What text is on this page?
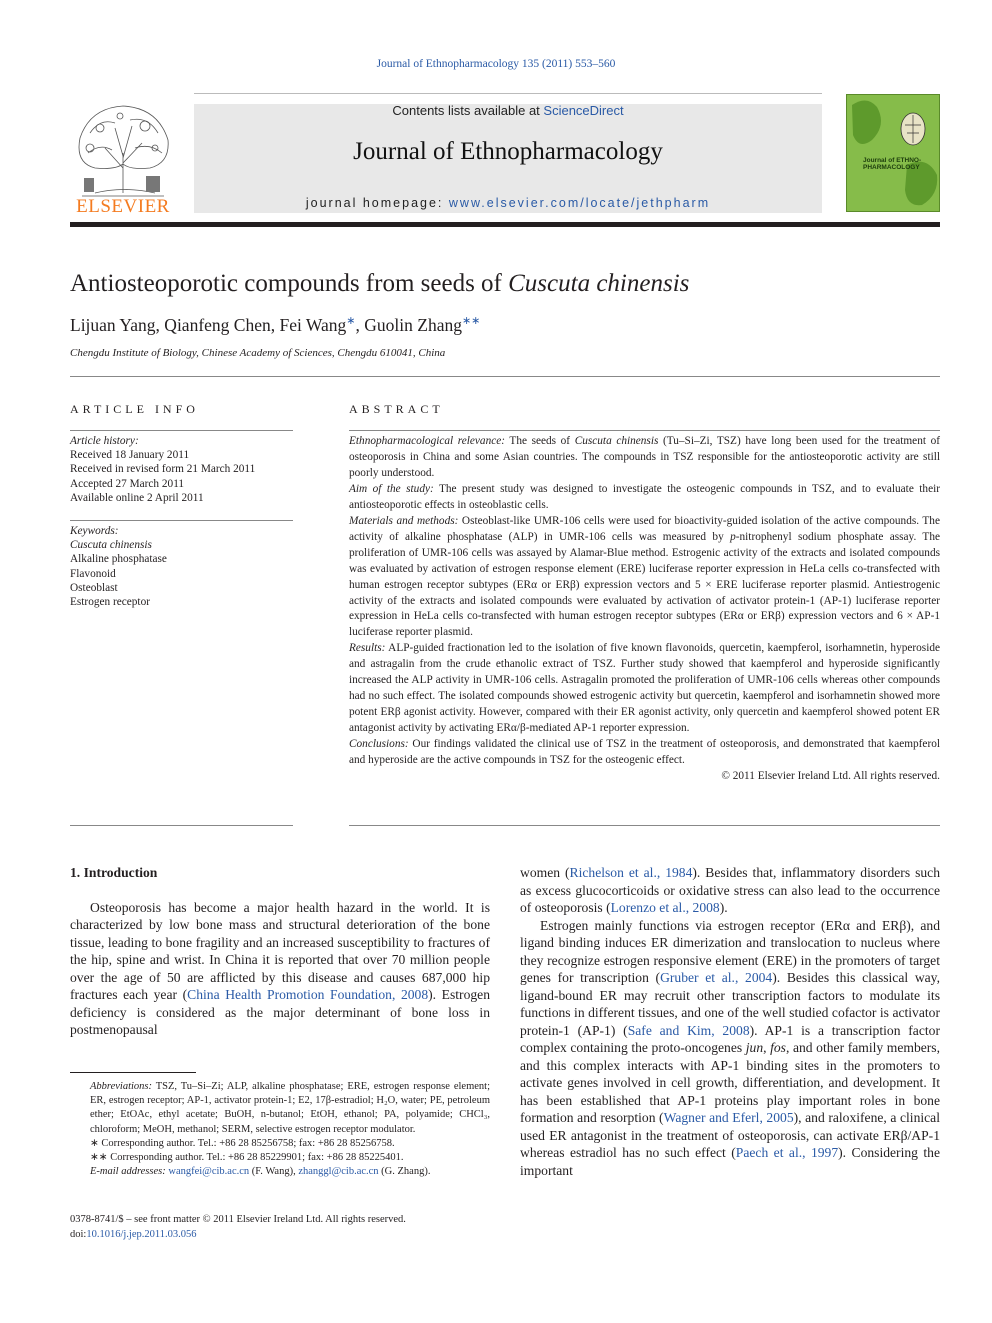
Journal of Ethnopharmacology 135 (2011) 553–560
ELSEVIER
Contents lists available at ScienceDirect
Journal of Ethnopharmacology
journal homepage: www.elsevier.com/locate/jethpharm
Journal of ETHNO-PHARMACOLOGY
Antiosteoporotic compounds from seeds of Cuscuta chinensis
Lijuan Yang, Qianfeng Chen, Fei Wang∗, Guolin Zhang∗∗
Chengdu Institute of Biology, Chinese Academy of Sciences, Chengdu 610041, China
ARTICLE INFO	ABSTRACT
Article history:
Received 18 January 2011
Received in revised form 21 March 2011
Accepted 27 March 2011
Available online 2 April 2011
Keywords:
Cuscuta chinensis
Alkaline phosphatase
Flavonoid
Osteoblast
Estrogen receptor

Ethnopharmacological relevance: The seeds of Cuscuta chinensis (Tu–Si–Zi, TSZ) have long been used for the treatment of osteoporosis in China and some Asian countries. The compounds in TSZ responsible for the antiosteoporotic activity are still poorly understood.

Aim of the study: The present study was designed to investigate the osteogenic compounds in TSZ, and to evaluate their antiosteoporotic effects in osteoblastic cells.

Materials and methods: Osteoblast-like UMR-106 cells were used for bioactivity-guided isolation of the active compounds. The activity of alkaline phosphatase (ALP) in UMR-106 cells was measured by p-nitrophenyl sodium phosphate assay. The proliferation of UMR-106 cells was assayed by Alamar-Blue method. Estrogenic activity of the extracts and isolated compounds was evaluated by activation of estrogen response element (ERE) luciferase reporter expression in HeLa cells co-transfected with human estrogen receptor subtypes (ERα or ERβ) expression vectors and 5 × ERE luciferase reporter plasmid. Antiestrogenic activity of the extracts and isolated compounds were evaluated by activation of activator protein-1 (AP-1) luciferase reporter expression in HeLa cells co-transfected with human estrogen receptor subtypes (ERα or ERβ) expression vectors and 6 × AP-1 luciferase reporter plasmid.

Results: ALP-guided fractionation led to the isolation of five known flavonoids, quercetin, kaempferol, isorhamnetin, hyperoside and astragalin from the crude ethanolic extract of TSZ. Further study showed that kaempferol and hyperoside significantly increased the ALP activity in UMR-106 cells. Astragalin promoted the proliferation of UMR-106 cells whereas other compounds had no such effect. The isolated compounds showed estrogenic activity but quercetin, kaempferol and isorhamnetin showed more potent ERβ agonist activity. However, compared with their ER agonist activity, only quercetin and kaempferol showed potent ER antagonist activity by activating ERα/β-mediated AP-1 reporter expression.

Conclusions: Our findings validated the clinical use of TSZ in the treatment of osteoporosis, and demonstrated that kaempferol and hyperoside are the active compounds in TSZ for the osteogenic effect.

© 2011 Elsevier Ireland Ltd. All rights reserved.

1. Introduction

Osteoporosis has become a major health hazard in the world. It is characterized by low bone mass and structural deterioration of the bone tissue, leading to bone fragility and an increased susceptibility to fractures of the hip, spine and wrist. In China it is reported that over 70 million people over the age of 50 are afflicted by this disease and causes 687,000 hip fractures each year (China Health Promotion Foundation, 2008). Estrogen deficiency is considered as the major determinant of bone loss in postmenopausal

women (Richelson et al., 1984). Besides that, inflammatory disorders such as excess glucocorticoids or oxidative stress can also lead to the occurrence of osteoporosis (Lorenzo et al., 2008).

Estrogen mainly functions via estrogen receptor (ERα and ERβ), and ligand binding induces ER dimerization and translocation to nucleus where they recognize estrogen responsive element (ERE) in the promoters of target genes for transcription (Gruber et al., 2004). Besides this classical way, ligand-bound ER may recruit other transcription factors to modulate its functions in different tissues, and one of the well studied cofactor is activator protein-1 (AP-1) (Safe and Kim, 2008). AP-1 is a transcription factor complex containing the proto-oncogenes jun, fos, and other family members, and this complex interacts with AP-1 binding sites in the promoters to activate genes involved in cell growth, differentiation, and development. It has been established that AP-1 proteins play important roles in bone formation and resorption (Wagner and Eferl, 2005), and raloxifene, a clinical used ER antagonist in the treatment of osteoporosis, can activate ERβ/AP-1 whereas estradiol has no such effect (Paech et al., 1997). Considering the important

Abbreviations: TSZ, Tu–Si–Zi; ALP, alkaline phosphatase; ERE, estrogen response element; ER, estrogen receptor; AP-1, activator protein-1; E2, 17β-estradiol; H₂O, water; PE, petroleum ether; EtOAc, ethyl acetate; BuOH, n-butanol; EtOH, ethanol; PA, polyamide; CHCl₃, chloroform; MeOH, methanol; SERM, selective estrogen receptor modulator.
∗ Corresponding author. Tel.: +86 28 85256758; fax: +86 28 85256758.
∗∗ Corresponding author. Tel.: +86 28 85229901; fax: +86 28 85225401.
E-mail addresses: wangfei@cib.ac.cn (F. Wang), zhanggl@cib.ac.cn (G. Zhang).
0378-8741/$ – see front matter © 2011 Elsevier Ireland Ltd. All rights reserved.
doi:10.1016/j.jep.2011.03.056
